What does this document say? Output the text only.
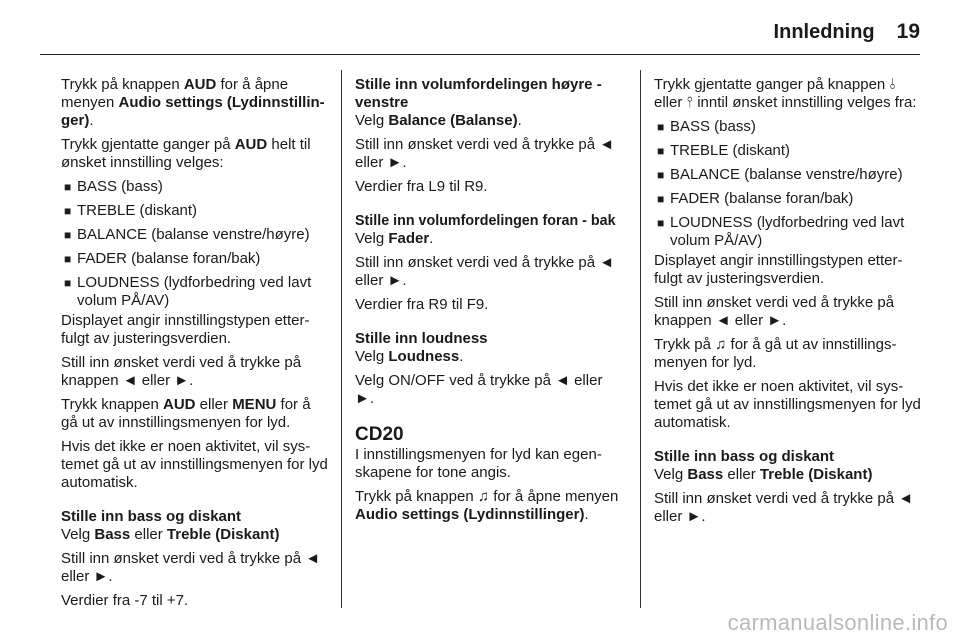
Innledning 19

Trykk på knappen AUD for å åpne menyen Audio settings (Lydinnstillinger).

Trykk gjentatte ganger på AUD helt til ønsket innstilling velges:

■ BASS (bass)
■ TREBLE (diskant)
■ BALANCE (balanse venstre/høyre)
■ FADER (balanse foran/bak)
■ LOUDNESS (lydforbedring ved lavt volum PÅ/AV)

Displayet angir innstillingstypen etterfulgt av justeringsverdien.

Still inn ønsket verdi ved å trykke på knappen ◄ eller ►.

Trykk knappen AUD eller MENU for å gå ut av innstillingsmenyen for lyd.

Hvis det ikke er noen aktivitet, vil systemet gå ut av innstillingsmenyen for lyd automatisk.

Stille inn bass og diskant

Velg Bass eller Treble (Diskant)

Still inn ønsket verdi ved å trykke på ◄ eller ►.

Verdier fra -7 til +7.

Stille inn volumfordelingen høyre - venstre

Velg Balance (Balanse).

Still inn ønsket verdi ved å trykke på ◄ eller ►.

Verdier fra L9 til R9.

Stille inn volumfordelingen foran - bak

Velg Fader.

Still inn ønsket verdi ved å trykke på ◄ eller ►.

Verdier fra R9 til F9.

Stille inn loudness

Velg Loudness.

Velg ON/OFF ved å trykke på ◄ eller ►.

CD20

I innstillingsmenyen for lyd kan egenskapene for tone angis.

Trykk på knappen ♫ for å åpne menyen Audio settings (Lydinnstillinger).

Trykk gjentatte ganger på knappen ⫰ eller ⫯ inntil ønsket innstilling velges fra:

■ BASS (bass)
■ TREBLE (diskant)
■ BALANCE (balanse venstre/høyre)
■ FADER (balanse foran/bak)
■ LOUDNESS (lydforbedring ved lavt volum PÅ/AV)

Displayet angir innstillingstypen etterfulgt av justeringsverdien.

Still inn ønsket verdi ved å trykke på knappen ◄ eller ►.

Trykk på ♫ for å gå ut av innstillingsmenyen for lyd.

Hvis det ikke er noen aktivitet, vil systemet gå ut av innstillingsmenyen for lyd automatisk.

Stille inn bass og diskant

Velg Bass eller Treble (Diskant)

Still inn ønsket verdi ved å trykke på ◄ eller ►.

carmanualsonline.info
